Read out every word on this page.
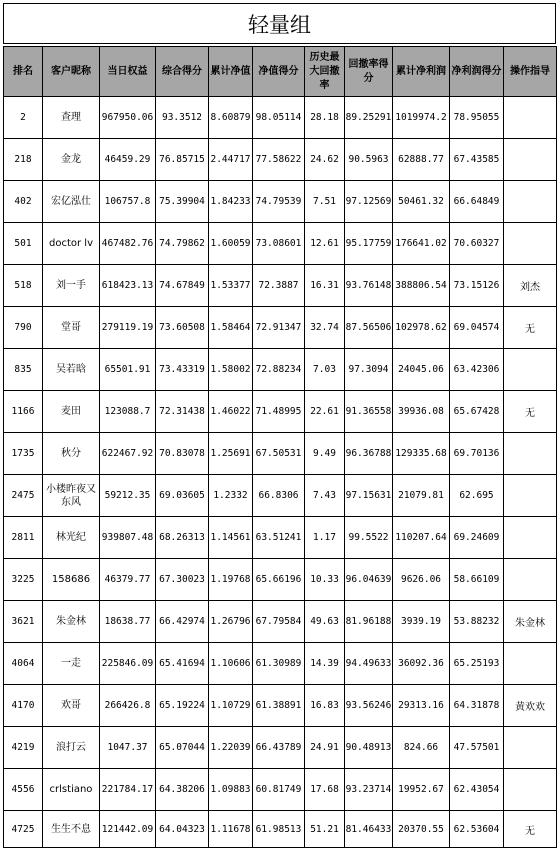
轻量组
排名	客户昵称	当日权益	综合得分	累计净值	净值得分	历史最大回撤率	回撤率得分	累计净利润	净利润得分	操作指导
2	查理	967950.06	93.3512	8.60879	98.05114	28.18	89.25291	1019974.2	78.95055	
218	金龙	46459.29	76.85715	2.44717	77.58622	24.62	90.5963	62888.77	67.43585	
402	宏亿泓仕	106757.8	75.39904	1.84233	74.79539	7.51	97.12569	50461.32	66.64849	
501	doctor lv	467482.76	74.79862	1.60059	73.08601	12.61	95.17759	176641.02	70.60327	
518	刘一手	618423.13	74.67849	1.53377	72.3887	16.31	93.76148	388806.54	73.15126	刘杰
790	堂哥	279119.19	73.60508	1.58464	72.91347	32.74	87.56506	102978.62	69.04574	无
835	吴若晗	65501.91	73.43319	1.58002	72.88234	7.03	97.3094	24045.06	63.42306	
1166	麦田	123088.7	72.31438	1.46022	71.48995	22.61	91.36558	39936.08	65.67428	无
1735	秋分	622467.92	70.83078	1.25691	67.50531	9.49	96.36788	129335.68	69.70136	
2475	小楼昨夜又东风	59212.35	69.03605	1.2332	66.8306	7.43	97.15631	21079.81	62.695	
2811	林光纪	939807.48	68.26313	1.14561	63.51241	1.17	99.5522	110207.64	69.24609	
3225	158686	46379.77	67.30023	1.19768	65.66196	10.33	96.04639	9626.06	58.66109	
3621	朱金林	18638.77	66.42974	1.26796	67.79584	49.63	81.96188	3939.19	53.88232	朱金林
4064	一走	225846.09	65.41694	1.10606	61.30989	14.39	94.49633	36092.36	65.25193	
4170	欢哥	266426.8	65.19224	1.10729	61.38891	16.83	93.56246	29313.16	64.31878	黄欢欢
4219	浪打云	1047.37	65.07044	1.22039	66.43789	24.91	90.48913	824.66	47.57501	
4556	crlstiano	221784.17	64.38206	1.09883	60.81749	17.68	93.23714	19952.67	62.43054	
4725	生生不息	121442.09	64.04323	1.11678	61.98513	51.21	81.46433	20370.55	62.53604	无
